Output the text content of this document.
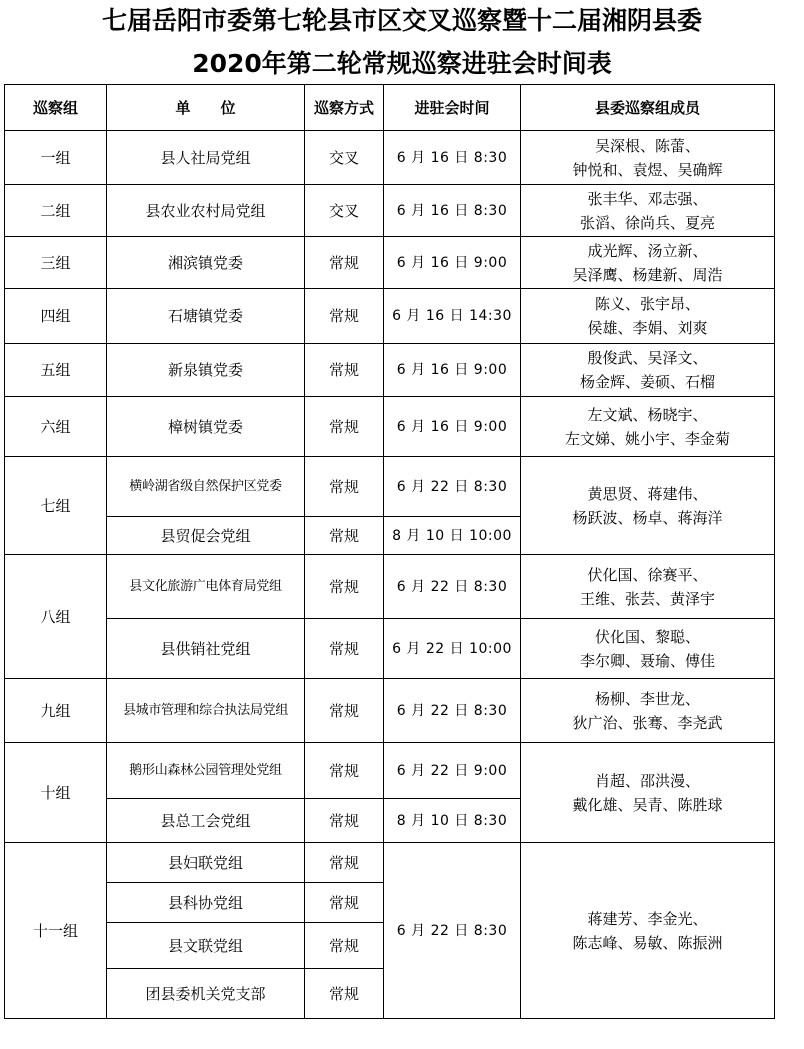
七届岳阳市委第七轮县市区交叉巡察暨十二届湘阴县委
2020年第二轮常规巡察进驻会时间表
巡察组	单　　位	巡察方式	进驻会时间	县委巡察组成员
一组	县人社局党组	交叉	6 月 16 日 8:30	吴深根、陈蕾、
钟悦和、袁煜、吴确辉

二组	县农业农村局党组	交叉	6 月 16 日 8:30	张丰华、邓志强、
张滔、徐尚兵、夏亮

三组	湘滨镇党委	常规	6 月 16 日 9:00	成光辉、汤立新、
吴泽鹰、杨建新、周浩

四组	石塘镇党委	常规	6 月 16 日 14:30	陈义、张宇昂、
侯雄、李娟、刘爽

五组	新泉镇党委	常规	6 月 16 日 9:00	殷俊武、吴泽文、
杨金辉、姜硕、石榴

六组	樟树镇党委	常规	6 月 16 日 9:00	左文斌、杨晓宇、
左文娣、姚小宇、李金菊

七组	横岭湖省级自然保护区党委	常规	6 月 22 日 8:30	黄思贤、蒋建伟、
杨跃波、杨卓、蒋海洋

	县贸促会党组	常规	8 月 10 日 10:00	
八组	县文化旅游广电体育局党组	常规	6 月 22 日 8:30	伏化国、徐赛平、
王维、张芸、黄泽宇

	县供销社党组	常规	6 月 22 日 10:00	伏化国、黎聪、
李尔卿、聂瑜、傅佳

九组	县城市管理和综合执法局党组	常规	6 月 22 日 8:30	杨柳、李世龙、
狄广治、张骞、李尧武

十组	鹅形山森林公园管理处党组	常规	6 月 22 日 9:00	肖超、邵洪漫、
戴化雄、吴青、陈胜球

	县总工会党组	常规	8 月 10 日 8:30	
十一组	县妇联党组	常规	6 月 22 日 8:30	蒋建芳、李金光、
陈志峰、易敏、陈振洲

	县科协党组	常规		
	县文联党组	常规		
	团县委机关党支部	常规		
